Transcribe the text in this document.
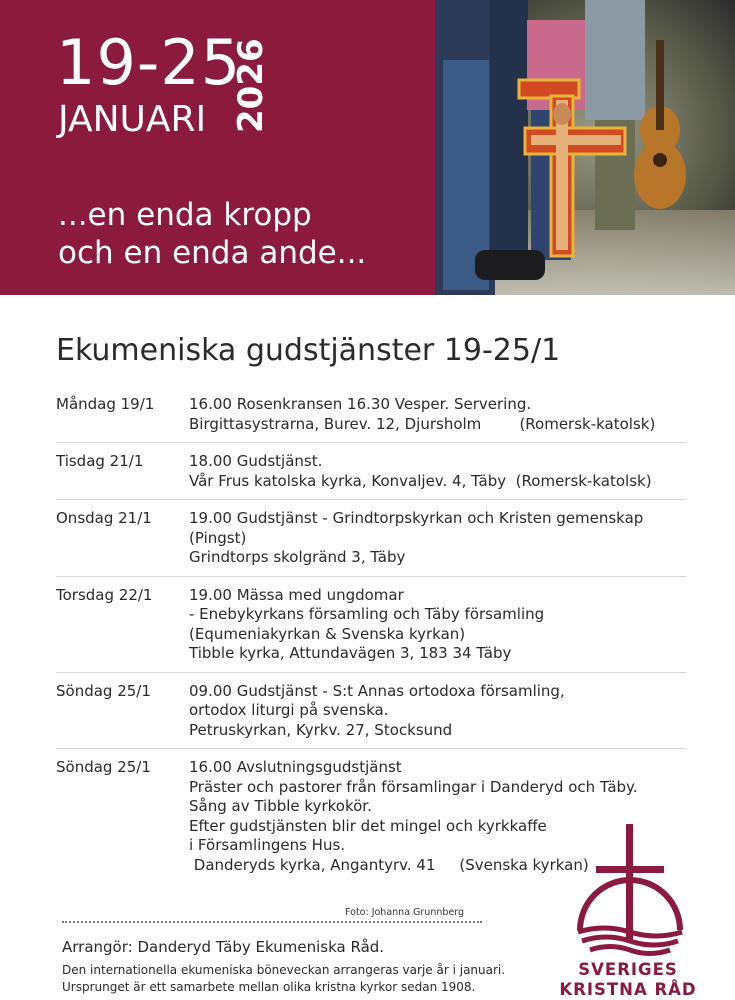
19-25
JANUARI 2026
...en enda kropp
och en enda ande...
Ekumeniska gudstjänster 19-25/1
Måndag 19/1	16.00 Rosenkransen 16.30 Vesper. Servering.
Birgittasystrarna, Burev. 12, Djursholm        (Romersk-katolsk)
Tisdag 21/1	18.00 Gudstjänst.
Vår Frus katolska kyrka, Konvaljev. 4, Täby  (Romersk-katolsk)
Onsdag 21/1	19.00 Gudstjänst - Grindtorpskyrkan och Kristen gemenskap
(Pingst)
Grindtorps skolgränd 3, Täby
Torsdag 22/1	19.00 Mässa med ungdomar
- Enebykyrkans församling och Täby församling
(Equmeniakyrkan & Svenska kyrkan)
Tibble kyrka, Attundavägen 3, 183 34 Täby
Söndag 25/1	09.00 Gudstjänst - S:t Annas ortodoxa församling,
ortodox liturgi på svenska.
Petruskyrkan, Kyrkv. 27, Stocksund
Söndag 25/1	16.00 Avslutningsgudstjänst
Präster och pastorer från församlingar i Danderyd och Täby.
Sång av Tibble kyrkokör.
Efter gudstjänsten blir det mingel och kyrkkaffe
i Församlingens Hus.
Danderyds kyrka, Angantyrv. 41     (Svenska kyrkan)
Foto: Johanna Grunnberg
Arrangör: Danderyd Täby Ekumeniska Råd.
Den internationella ekumeniska böneveckan arrangeras varje år i januari.
Ursprunget är ett samarbete mellan olika kristna kyrkor sedan 1908.
SVERIGES
KRISTNA RÅD
